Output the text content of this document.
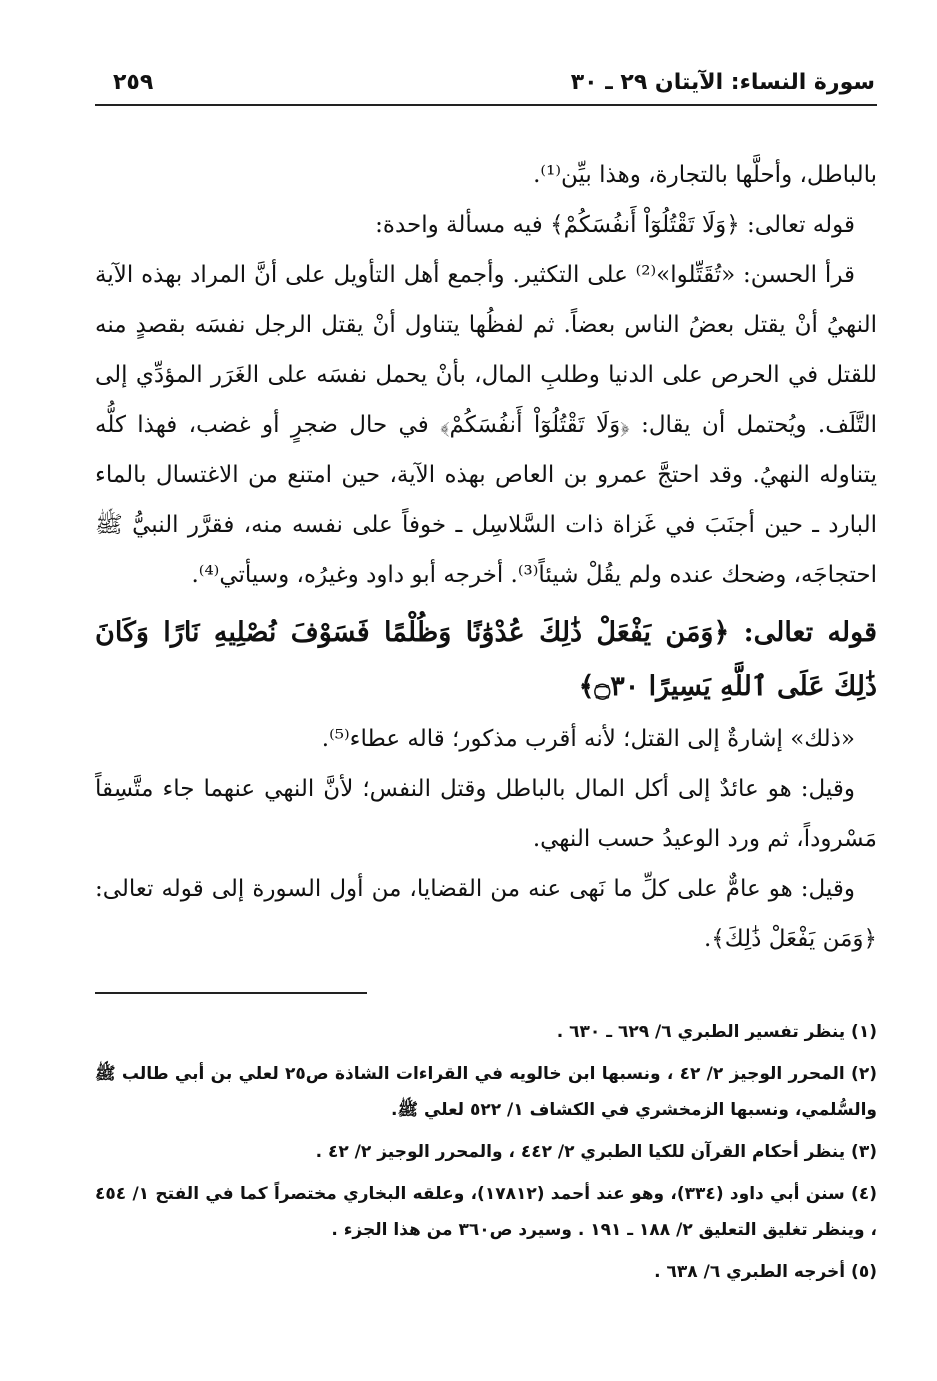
سورة النساء: الآيتان ٢٩ ـ ٣٠
٢٥٩

بالباطل، وأحلَّها بالتجارة، وهذا بيِّن⁽¹⁾.

قوله تعالى: ﴿وَلَا تَقْتُلُوٓاْ أَنفُسَكُمْ﴾ فيه مسألة واحدة:

قرأ الحسن: «تُقَتِّلوا»⁽²⁾ على التكثير. وأجمع أهل التأويل على أنَّ المراد بهذه الآية النهيُ أنْ يقتل بعضُ الناس بعضاً. ثم لفظُها يتناول أنْ يقتل الرجل نفسَه بقصدٍ منه للقتل في الحرص على الدنيا وطلبِ المال، بأنْ يحمل نفسَه على الغَرَر المؤدِّي إلى التَّلَف. ويُحتمل أن يقال: ﴿وَلَا تَقْتُلُوٓاْ أَنفُسَكُمْ﴾ في حال ضجرٍ أو غضب، فهذا كلُّه يتناوله النهيُ. وقد احتجَّ عمرو بن العاص بهذه الآية، حين امتنع من الاغتسال بالماء البارد ـ حين أجنَبَ في غَزاة ذات السَّلاسِل ـ خوفاً على نفسه منه، فقرَّر النبيُّ ﷺ احتجاجَه، وضحك عنده ولم يقُلْ شيئاً⁽³⁾. أخرجه أبو داود وغيرُه، وسيأتي⁽⁴⁾.

قوله تعالى: ﴿وَمَن يَفْعَلْ ذَٰلِكَ عُدْوَٰنًا وَظُلْمًا فَسَوْفَ نُصْلِيهِ نَارًا وَكَانَ ذَٰلِكَ عَلَى ٱللَّهِ يَسِيرًا ۝٣٠﴾

«ذلك» إشارةٌ إلى القتل؛ لأنه أقرب مذكور؛ قاله عطاء⁽⁵⁾.

وقيل: هو عائدٌ إلى أكل المال بالباطل وقتل النفس؛ لأنَّ النهي عنهما جاء متَّسِقاً مَسْروداً، ثم ورد الوعيدُ حسب النهي.

وقيل: هو عامٌّ على كلِّ ما نَهى عنه من القضايا، من أول السورة إلى قوله تعالى: ﴿وَمَن يَفْعَلْ ذَٰلِكَ﴾.

(١) ينظر تفسير الطبري ٦/ ٦٢٩ ـ ٦٣٠ .

(٢) المحرر الوجيز ٢/ ٤٢ ، ونسبها ابن خالويه في القراءات الشاذة ص٢٥ لعلي بن أبي طالب ﷺ والسُّلمي، ونسبها الزمخشري في الكشاف ١/ ٥٢٢ لعلي ﷺ.

(٣) ينظر أحكام القرآن للكيا الطبري ٢/ ٤٤٢ ، والمحرر الوجيز ٢/ ٤٢ .

(٤) سنن أبي داود (٣٣٤)، وهو عند أحمد (١٧٨١٢)، وعلقه البخاري مختصراً كما في الفتح ١/ ٤٥٤ ، وينظر تغليق التعليق ٢/ ١٨٨ ـ ١٩١ . وسيرد ص٣٦٠ من هذا الجزء .

(٥) أخرجه الطبري ٦/ ٦٣٨ .
